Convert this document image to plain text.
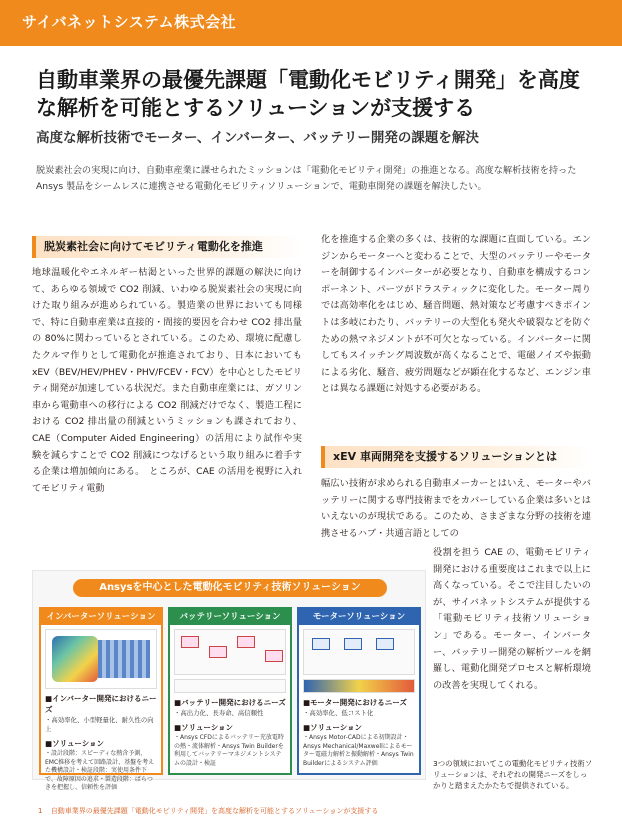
サイバネットシステム株式会社
自動車業界の最優先課題「電動化モビリティ開発」を高度な解析を可能とするソリューションが支援する
高度な解析技術でモーター、インバーター、バッテリー開発の課題を解決

脱炭素社会の実現に向け、自動車産業に課せられたミッションは「電動化モビリティ開発」の推進となる。高度な解析技術を持った Ansys 製品をシームレスに連携させる電動化モビリティソリューションで、電動車開発の課題を解決したい。

脱炭素社会に向けてモビリティ電動化を推進

地球温暖化やエネルギー枯渇といった世界的課題の解決に向けて、あらゆる領域で CO2 削減、いわゆる脱炭素社会の実現に向けた取り組みが進められている。製造業の世界においても同様で、特に自動車産業は直接的・間接的要因を合わせ CO2 排出量の 80%に関わっているとされている。このため、環境に配慮したクルマ作りとして電動化が推進されており、日本においても xEV（BEV/HEV/PHEV・PHV/FCEV・FCV）を中心としたモビリティ開発が加速している状況だ。また自動車産業には、ガソリン車から電動車への移行による CO2 削減だけでなく、製造工程における CO2 排出量の削減というミッションも課されており、CAE（Computer Aided Engineering）の活用により試作や実験を減らすことで CO2 削減につなげるという取り組みに着手する企業は増加傾向にある。　ところが、CAE の活用を視野に入れてモビリティ電動

化を推進する企業の多くは、技術的な課題に直面している。エンジンからモーターへと変わることで、大型のバッテリーやモーターを制御するインバーターが必要となり、自動車を構成するコンポーネント、パーツがドラスティックに変化した。モーター周りでは高効率化をはじめ、騒音問題、熱対策など考慮すべきポイントは多岐にわたり、バッテリーの大型化も発火や破裂などを防ぐための熱マネジメントが不可欠となっている。インバーターに関してもスイッチング周波数が高くなることで、電磁ノイズや振動による劣化、騒音、疲労問題などが顕在化するなど、エンジン車とは異なる課題に対処する必要がある。

xEV 車両開発を支援するソリューションとは

幅広い技術が求められる自動車メーカーとはいえ、モーターやバッテリーに関する専門技術までをカバーしている企業は多いとはいえないのが現状である。このため、さまざまな分野の技術を連携させるハブ・共通言語としての

役割を担う CAE の、電動モビリティ開発における重要度はこれまで以上に高くなっている。そこで注目したいのが、サイバネットシステムが提供する「電動モビリティ技術ソリューション」である。モーター、インバーター、バッテリー開発の解析ツールを網羅し、電動化開発プロセスと解析環境の改善を実現してくれる。

Ansysを中心とした電動化モビリティ技術ソリューション
インバーターソリューション
■インバーター開発におけるニーズ
・高効率化、小型軽量化、耐久性の向上
■ソリューション
・設計段階：スピーディな熱含予測、EMC推移を考えて回路設計、基盤を考えた機構設計・検証段階：実使用条件下で、故障原因の追求・製造段階：ばらつきを把握し、信頼性を評価
バッテリーソリューション
■バッテリー開発におけるニーズ
・高出力化、長寿命、高信頼性
■ソリューション
・Ansys CFDによるバッテリー充放電時の熱・流体解析・Ansys Twin Builderを利用してバッテリーマネジメントシステムの設計・検証
モーターソリューション
■モーター開発におけるニーズ
・高効率化、低コスト化
■ソリューション
・Ansys Motor-CADによる初期設計・Ansys Mechanical/Maxwellによるモーター電磁力解析と振動解析・Ansys Twin Builderによるシステム評価	3つの領域においてこの電動化モビリティ技術ソリューションは、それぞれの開発ニーズをしっかりと踏まえたかたちで提供されている。

1 自動車業界の最優先課題「電動化モビリティ開発」を高度な解析を可能とするソリューションが支援する
